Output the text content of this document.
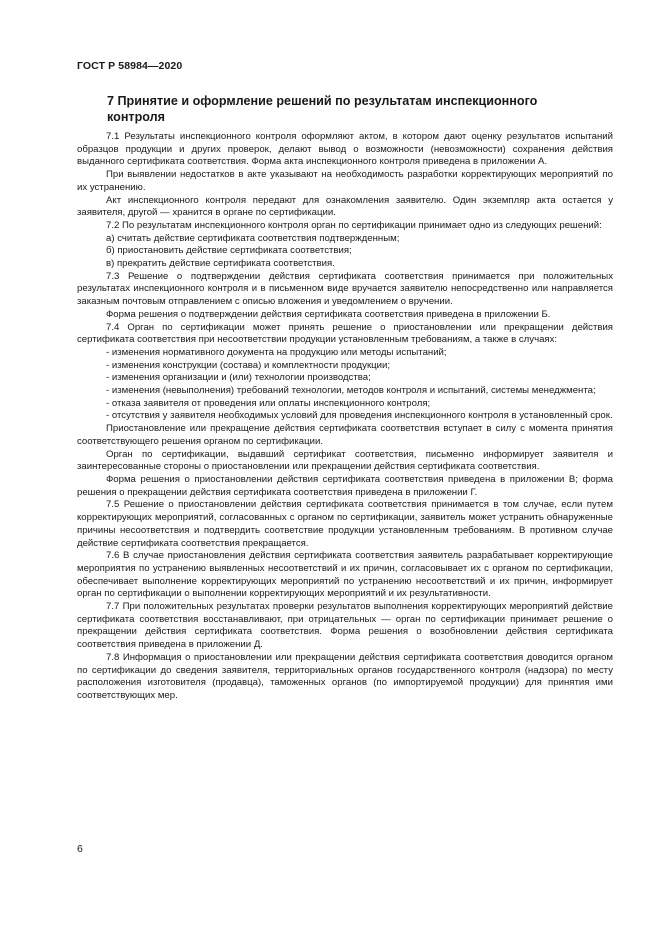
ГОСТ Р 58984—2020
7 Принятие и оформление решений по результатам инспекционного контроля

7.1 Результаты инспекционного контроля оформляют актом, в котором дают оценку результатов испытаний образцов продукции и других проверок, делают вывод о возможности (невозможности) сохранения действия выданного сертификата соответствия. Форма акта инспекционного контроля приведена в приложении А.

При выявлении недостатков в акте указывают на необходимость разработки корректирующих мероприятий по их устранению.

Акт инспекционного контроля передают для ознакомления заявителю. Один экземпляр акта остается у заявителя, другой — хранится в органе по сертификации.

7.2 По результатам инспекционного контроля орган по сертификации принимает одно из следующих решений:

а) считать действие сертификата соответствия подтвержденным;

б) приостановить действие сертификата соответствия;

в) прекратить действие сертификата соответствия.

7.3 Решение о подтверждении действия сертификата соответствия принимается при положительных результатах инспекционного контроля и в письменном виде вручается заявителю непосредственно или направляется заказным почтовым отправлением с описью вложения и уведомлением о вручении.

Форма решения о подтверждении действия сертификата соответствия приведена в приложении Б.

7.4 Орган по сертификации может принять решение о приостановлении или прекращении действия сертификата соответствия при несоответствии продукции установленным требованиям, а также в случаях:

- изменения нормативного документа на продукцию или методы испытаний;

- изменения конструкции (состава) и комплектности продукции;

- изменения организации и (или) технологии производства;

- изменения (невыполнения) требований технологии, методов контроля и испытаний, системы менеджмента;

- отказа заявителя от проведения или оплаты инспекционного контроля;

- отсутствия у заявителя необходимых условий для проведения инспекционного контроля в установленный срок.

Приостановление или прекращение действия сертификата соответствия вступает в силу с момента принятия соответствующего решения органом по сертификации.

Орган по сертификации, выдавший сертификат соответствия, письменно информирует заявителя и заинтересованные стороны о приостановлении или прекращении действия сертификата соответствия.

Форма решения о приостановлении действия сертификата соответствия приведена в приложении В; форма решения о прекращении действия сертификата соответствия приведена в приложении Г.

7.5 Решение о приостановлении действия сертификата соответствия принимается в том случае, если путем корректирующих мероприятий, согласованных с органом по сертификации, заявитель может устранить обнаруженные причины несоответствия и подтвердить соответствие продукции установленным требованиям. В противном случае действие сертификата соответствия прекращается.

7.6 В случае приостановления действия сертификата соответствия заявитель разрабатывает корректирующие мероприятия по устранению выявленных несоответствий и их причин, согласовывает их с органом по сертификации, обеспечивает выполнение корректирующих мероприятий по устранению несоответствий и их причин, информирует орган по сертификации о выполнении корректирующих мероприятий и их результативности.

7.7 При положительных результатах проверки результатов выполнения корректирующих мероприятий действие сертификата соответствия восстанавливают, при отрицательных — орган по сертификации принимает решение о прекращении действия сертификата соответствия. Форма решения о возобновлении действия сертификата соответствия приведена в приложении Д.

7.8 Информация о приостановлении или прекращении действия сертификата соответствия доводится органом по сертификации до сведения заявителя, территориальных органов государственного контроля (надзора) по месту расположения изготовителя (продавца), таможенных органов (по импортируемой продукции) для принятия ими соответствующих мер.

6
